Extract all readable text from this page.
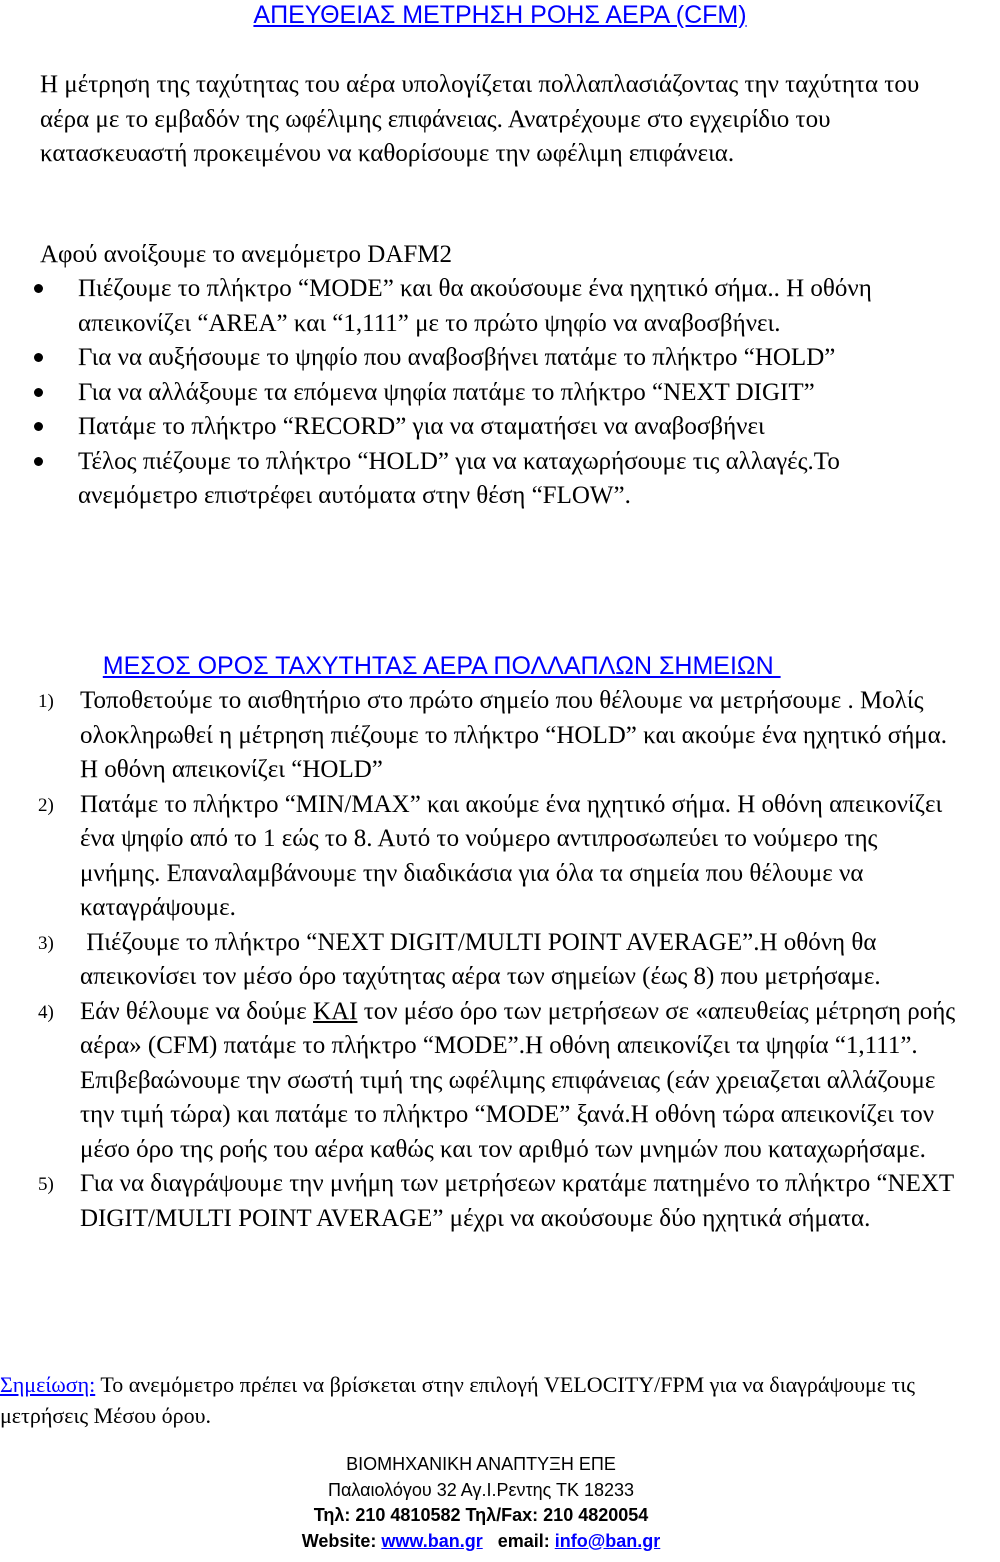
ΑΠΕΥΘΕΙΑΣ ΜΕΤΡΗΣΗ ΡΟΗΣ ΑΕΡΑ (CFM)
Η μέτρηση της ταχύτητας του αέρα υπολογίζεται πολλαπλασιάζοντας την ταχύτητα του αέρα με το εμβαδόν της ωφέλιμης επιφάνειας. Ανατρέχουμε στο εγχειρίδιο του κατασκευαστή προκειμένου να καθορίσουμε την ωφέλιμη επιφάνεια.
Αφού ανοίξουμε το ανεμόμετρο DAFM2
Πιέζουμε το πλήκτρο “MODE” και θα ακούσουμε ένα ηχητικό σήμα.. Η οθόνη απεικονίζει “AREA” και “1,111” με το πρώτο ψηφίο να αναβοσβήνει.
Για να αυξήσουμε το ψηφίο που αναβοσβήνει πατάμε το πλήκτρο “HOLD”
Για να αλλάξουμε τα επόμενα ψηφία πατάμε το πλήκτρο “NEXT DIGIT”
Πατάμε το πλήκτρο “RECORD” για να σταματήσει να αναβοσβήνει
Τέλος πιέζουμε το πλήκτρο “HOLD” για να καταχωρήσουμε τις αλλαγές.Το ανεμόμετρο επιστρέφει αυτόματα στην θέση “FLOW”.

ΜΕΣΟΣ ΟΡΟΣ ΤΑΧΥΤΗΤΑΣ ΑΕΡΑ ΠΟΛΛΑΠΛΩΝ ΣΗΜΕΙΩΝ

1) Τοποθετούμε το αισθητήριο στο πρώτο σημείο που θέλουμε να μετρήσουμε . Μολίς ολοκληρωθεί η μέτρηση πιέζουμε το πλήκτρο “HOLD” και ακούμε ένα ηχητικό σήμα. Η οθόνη απεικονίζει “HOLD”
2) Πατάμε το πλήκτρο “MIN/MAX” και ακούμε ένα ηχητικό σήμα. Η οθόνη απεικονίζει ένα ψηφίο από το 1 εώς το 8. Αυτό το νούμερο αντιπροσωπεύει το νούμερο της μνήμης. Επαναλαμβάνουμε την διαδικάσια για όλα τα σημεία που θέλουμε να καταγράψουμε.
3) Πιέζουμε το πλήκτρο “NEXT DIGIT/MULTI POINT AVERAGE”.Η οθόνη θα απεικονίσει τον μέσο όρο ταχύτητας αέρα των σημείων (έως 8) που μετρήσαμε.
4) Εάν θέλουμε να δούμε ΚΑΙ τον μέσο όρο των μετρήσεων σε «απευθείας μέτρηση ροής αέρα» (CFM) πατάμε το πλήκτρο “MODE”.Η οθόνη απεικονίζει τα ψηφία “1,111”. Επιβεβαώνουμε την σωστή τιμή της ωφέλιμης επιφάνειας (εάν χρειαζεται αλλάζουμε την τιμή τώρα) και πατάμε το πλήκτρο “MODE” ξανά.Η οθόνη τώρα απεικονίζει τον μέσο όρο της ροής του αέρα καθώς και τον αριθμό των μνημών που καταχωρήσαμε.
5) Για να διαγράψουμε την μνήμη των μετρήσεων κρατάμε πατημένο το πλήκτρο “NEXT DIGIT/MULTI POINT AVERAGE” μέχρι να ακούσουμε δύο ηχητικά σήματα.
Σημείωση: Το ανεμόμετρο πρέπει να βρίσκεται στην επιλογή VELOCITY/FPM για να διαγράψουμε τις μετρήσεις Μέσου όρου.
ΒΙΟΜΗΧΑΝΙΚΗ ΑΝΑΠΤΥΞΗ ΕΠΕ
Παλαιολόγου 32 Αγ.Ι.Ρεντης ΤΚ 18233
Τηλ: 210 4810582 Τηλ/Fax: 210 4820054
Website: www.ban.gr   email: info@ban.gr
